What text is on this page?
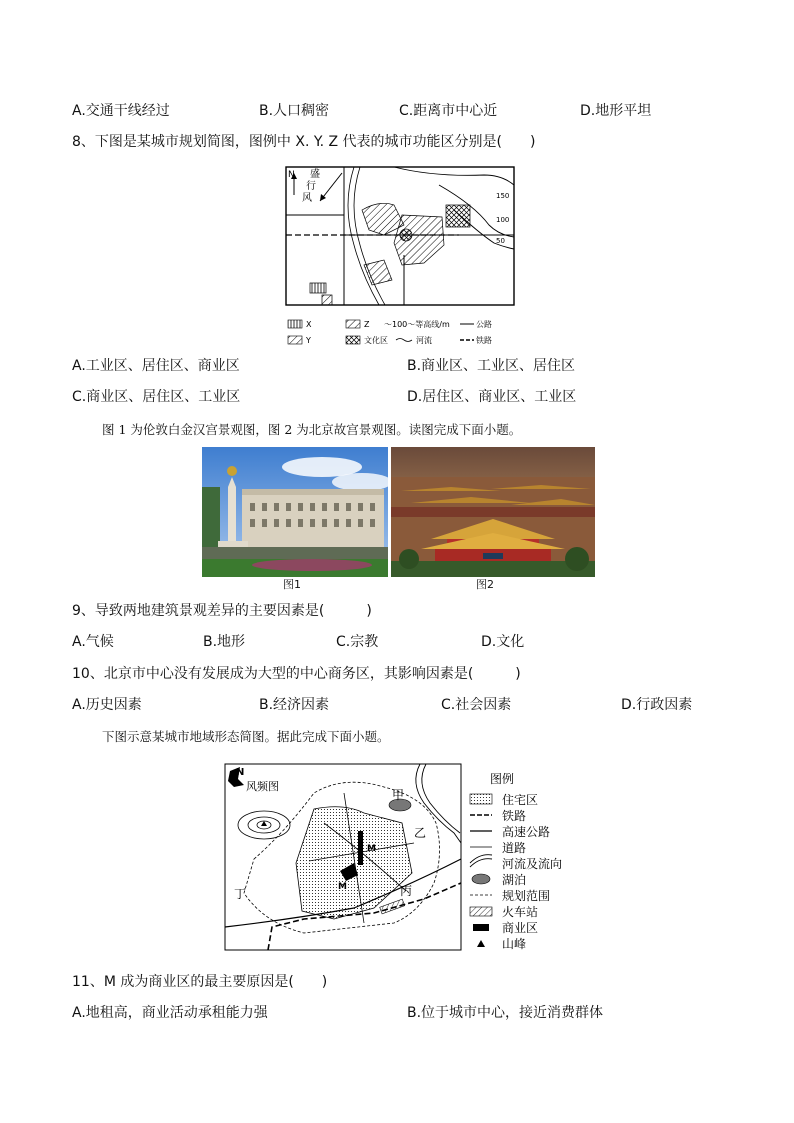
A.交通干线经过	B.人口稠密	C.距离市中心近	D.地形平坦
8、下图是某城市规划简图，图例中 X. Y. Z 代表的城市功能区分别是(　　)
N 盛
行
风	150
100
50
X	Z ～100～等高线/m	公路
Y	文化区	河流	铁路
A.工业区、居住区、商业区	B.商业区、工业区、居住区
C.商业区、居住区、工业区	D.居住区、商业区、工业区
图 1 为伦敦白金汉宫景观图，图 2 为北京故宫景观图。读图完成下面小题。
图1	图2
9、导致两地建筑景观差异的主要因素是(　　　)
A.气候	B.地形	C.宗教	D.文化
10、北京市中心没有发展成为大型的中心商务区，其影响因素是(　　　)
A.历史因素	B.经济因素	C.社会因素	D.行政因素
下图示意某城市地域形态简图。据此完成下面小题。
N
风频图
M
M
甲
乙
丙
丁
图例
住宅区
铁路
高速公路
道路
河流及流向
湖泊
规划范围
火车站
商业区
山峰
11、M 成为商业区的最主要原因是(　　)
A.地租高，商业活动承租能力强	B.位于城市中心，接近消费群体
